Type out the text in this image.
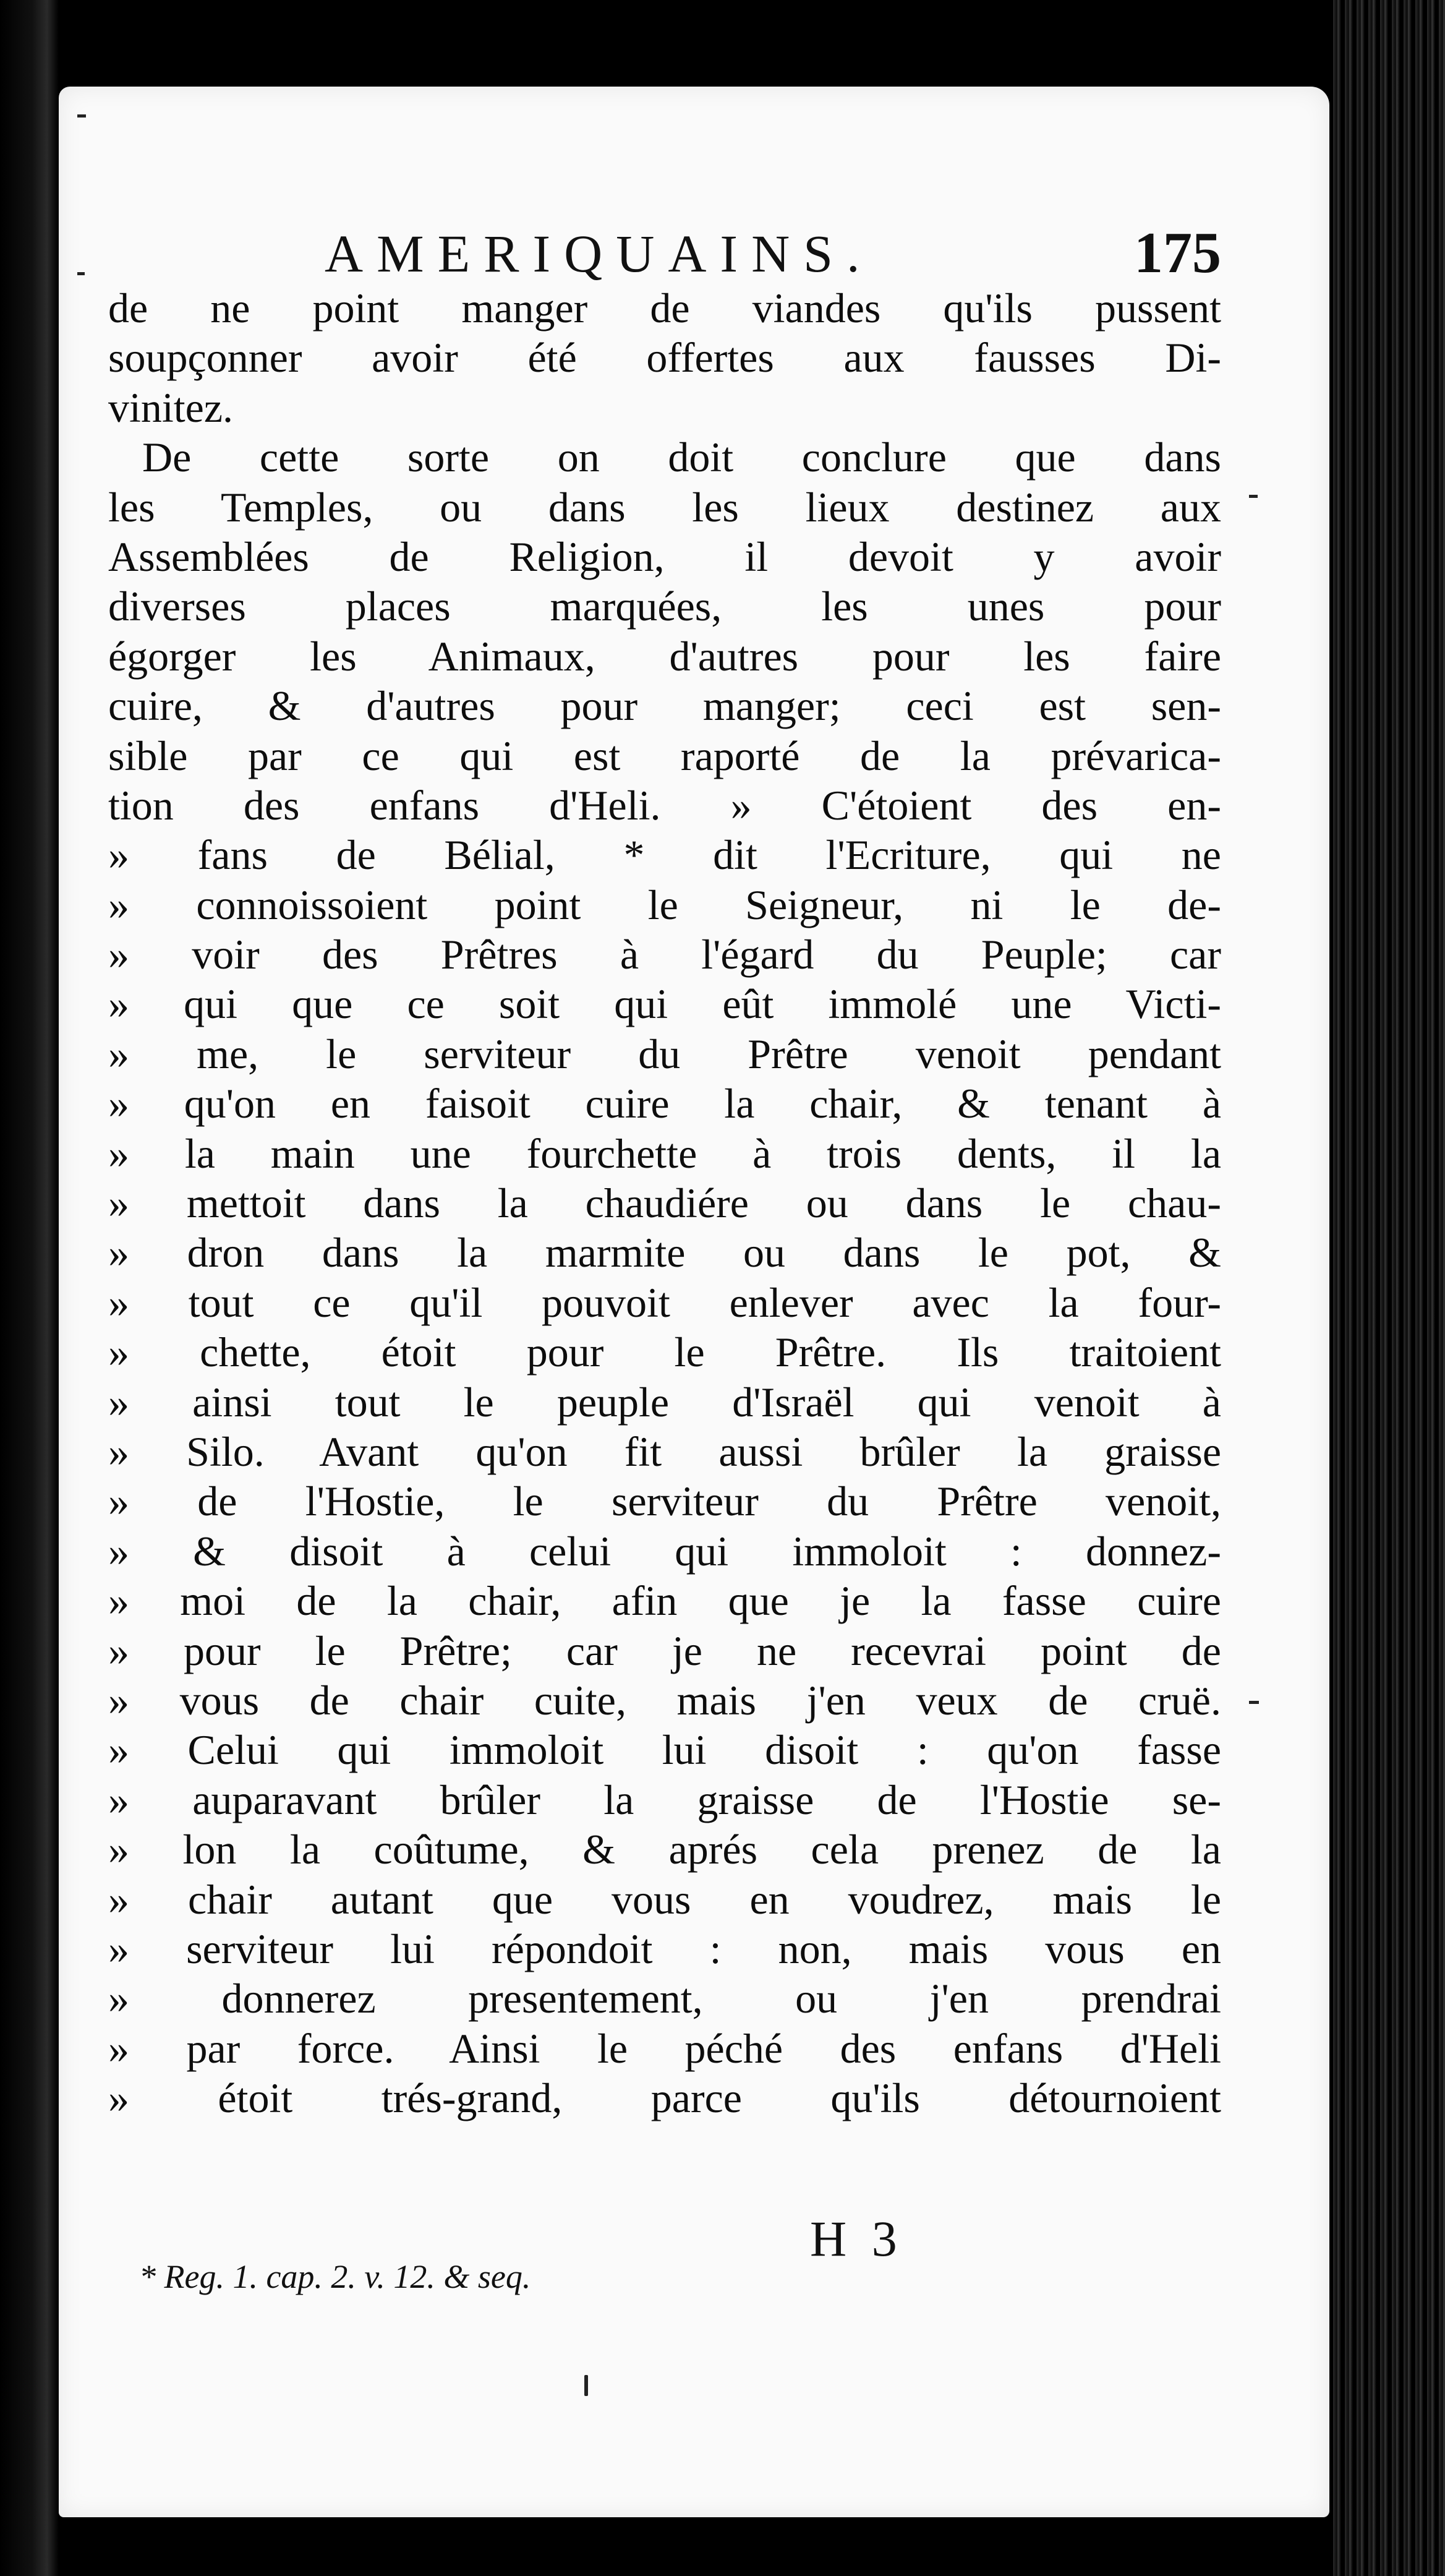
AMERIQUAINS.	175
de ne point manger de viandes qu'ils pussent
soupçonner avoir été offertes aux fausses Di-
vinitez.
De cette sorte on doit conclure que dans
les Temples, ou dans les lieux destinez aux
Assemblées de Religion, il devoit y avoir
diverses places marquées, les unes pour
égorger les Animaux, d'autres pour les faire
cuire, & d'autres pour manger; ceci est sen-
sible par ce qui est raporté de la prévarica-
tion des enfans d'Heli. » C'étoient des en-
» fans de Bélial, * dit l'Ecriture, qui ne
» connoissoient point le Seigneur, ni le de-
» voir des Prêtres à l'égard du Peuple; car
» qui que ce soit qui eût immolé une Victi-
» me, le serviteur du Prêtre venoit pendant
» qu'on en faisoit cuire la chair, & tenant à
» la main une fourchette à trois dents, il la
» mettoit dans la chaudiére ou dans le chau-
» dron dans la marmite ou dans le pot, &
» tout ce qu'il pouvoit enlever avec la four-
» chette, étoit pour le Prêtre. Ils traitoient
» ainsi tout le peuple d'Israël qui venoit à
» Silo. Avant qu'on fit aussi brûler la graisse
» de l'Hostie, le serviteur du Prêtre venoit,
» & disoit à celui qui immoloit : donnez-
» moi de la chair, afin que je la fasse cuire
» pour le Prêtre; car je ne recevrai point de
» vous de chair cuite, mais j'en veux de cruë.
» Celui qui immoloit lui disoit : qu'on fasse
» auparavant brûler la graisse de l'Hostie se-
» lon la coûtume, & aprés cela prenez de la
» chair autant que vous en voudrez, mais le
» serviteur lui répondoit : non, mais vous en
» donnerez presentement, ou j'en prendrai
» par force. Ainsi le péché des enfans d'Heli
» étoit trés-grand, parce qu'ils détournoient
H 3
* Reg. 1. cap. 2. v. 12. & seq.
